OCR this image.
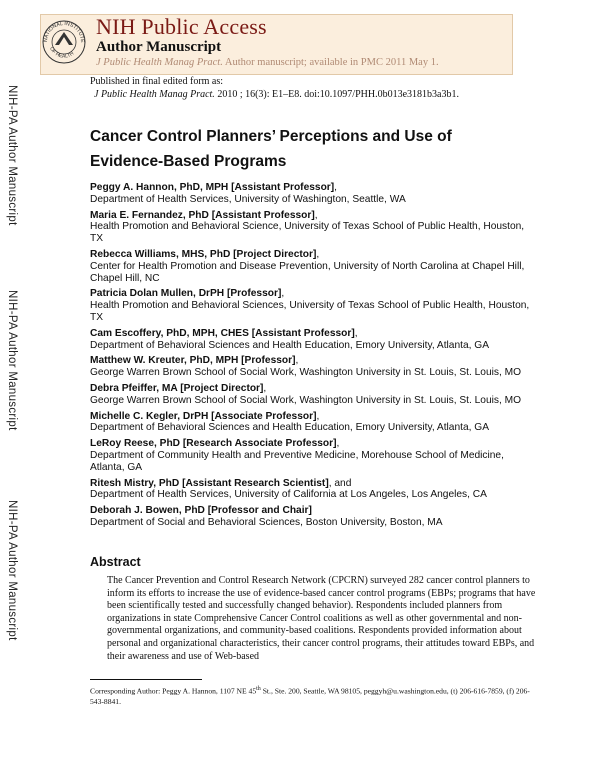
NATIONAL INSTITUTE
OF HEALTH
NIH Public Access
Author Manuscript
J Public Health Manag Pract. Author manuscript; available in PMC 2011 May 1.
NIH-PA Author Manuscript
NIH-PA Author Manuscript
NIH-PA Author Manuscript
Published in final edited form as:
J Public Health Manag Pract. 2010 ; 16(3): E1–E8. doi:10.1097/PHH.0b013e3181b3a3b1.
Cancer Control Planners’ Perceptions and Use of Evidence-Based Programs
Peggy A. Hannon, PhD, MPH [Assistant Professor],
Department of Health Services, University of Washington, Seattle, WA
Maria E. Fernandez, PhD [Assistant Professor],
Health Promotion and Behavioral Science, University of Texas School of Public Health, Houston, TX
Rebecca Williams, MHS, PhD [Project Director],
Center for Health Promotion and Disease Prevention, University of North Carolina at Chapel Hill, Chapel Hill, NC
Patricia Dolan Mullen, DrPH [Professor],
Health Promotion and Behavioral Sciences, University of Texas School of Public Health, Houston, TX
Cam Escoffery, PhD, MPH, CHES [Assistant Professor],
Department of Behavioral Sciences and Health Education, Emory University, Atlanta, GA
Matthew W. Kreuter, PhD, MPH [Professor],
George Warren Brown School of Social Work, Washington University in St. Louis, St. Louis, MO
Debra Pfeiffer, MA [Project Director],
George Warren Brown School of Social Work, Washington University in St. Louis, St. Louis, MO
Michelle C. Kegler, DrPH [Associate Professor],
Department of Behavioral Sciences and Health Education, Emory University, Atlanta, GA
LeRoy Reese, PhD [Research Associate Professor],
Department of Community Health and Preventive Medicine, Morehouse School of Medicine, Atlanta, GA
Ritesh Mistry, PhD [Assistant Research Scientist], and
Department of Health Services, University of California at Los Angeles, Los Angeles, CA
Deborah J. Bowen, PhD [Professor and Chair]
Department of Social and Behavioral Sciences, Boston University, Boston, MA
Abstract
The Cancer Prevention and Control Research Network (CPCRN) surveyed 282 cancer control planners to inform its efforts to increase the use of evidence-based cancer control programs (EBPs; programs that have been scientifically tested and successfully changed behavior). Respondents included planners from organizations in state Comprehensive Cancer Control coalitions as well as other governmental and non-governmental organizations, and community-based coalitions. Respondents provided information about personal and organizational characteristics, their cancer control programs, their attitudes toward EBPs, and their awareness and use of Web-based
Corresponding Author: Peggy A. Hannon, 1107 NE 45th St., Ste. 200, Seattle, WA 98105, peggyh@u.washington.edu, (t) 206-616-7859, (f) 206-543-8841.
